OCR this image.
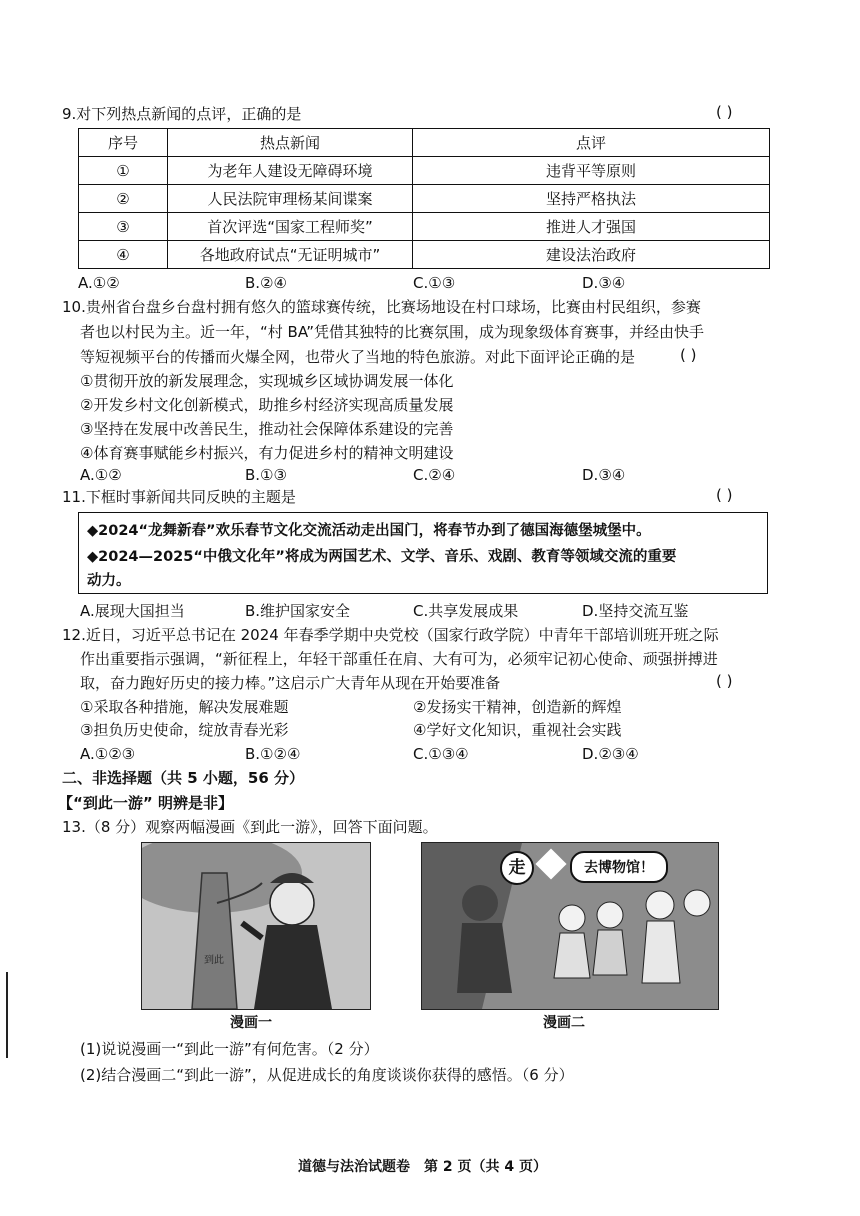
9.对下列热点新闻的点评，正确的是	( )
序号	热点新闻	点评
①	为老年人建设无障碍环境	违背平等原则
②	人民法院审理杨某间谍案	坚持严格执法
③	首次评选“国家工程师奖”	推进人才强国
④	各地政府试点“无证明城市”	建设法治政府
A.①②	B.②④	C.①③	D.③④
10.贵州省台盘乡台盘村拥有悠久的篮球赛传统，比赛场地设在村口球场，比赛由村民组织，参赛
者也以村民为主。近一年，“村 BA”凭借其独特的比赛氛围，成为现象级体育赛事，并经由快手
等短视频平台的传播而火爆全网，也带火了当地的特色旅游。对此下面评论正确的是	( )
①贯彻开放的新发展理念，实现城乡区域协调发展一体化
②开发乡村文化创新模式，助推乡村经济实现高质量发展
③坚持在发展中改善民生，推动社会保障体系建设的完善
④体育赛事赋能乡村振兴，有力促进乡村的精神文明建设
A.①②	B.①③	C.②④	D.③④
11.下框时事新闻共同反映的主题是	( )
◆2024“龙舞新春”欢乐春节文化交流活动走出国门，将春节办到了德国海德堡城堡中。
◆2024—2025“中俄文化年”将成为两国艺术、文学、音乐、戏剧、教育等领域交流的重要
动力。
A.展现大国担当	B.维护国家安全	C.共享发展成果	D.坚持交流互鉴
12.近日，习近平总书记在 2024 年春季学期中央党校（国家行政学院）中青年干部培训班开班之际
作出重要指示强调，“新征程上，年轻干部重任在肩、大有可为，必须牢记初心使命、顽强拼搏进
取，奋力跑好历史的接力棒。”这启示广大青年从现在开始要准备	( )
①采取各种措施，解决发展难题	②发扬实干精神，创造新的辉煌
③担负历史使命，绽放青春光彩	④学好文化知识，重视社会实践
A.①②③	B.①②④	C.①③④	D.②③④
二、非选择题（共 5 小题，56 分）
【“到此一游” 明辨是非】
13.（8 分）观察两幅漫画《到此一游》，回答下面问题。
到此
走	去博物馆！
漫画一	漫画二
(1)说说漫画一“到此一游”有何危害。（2 分）
(2)结合漫画二“到此一游”，从促进成长的角度谈谈你获得的感悟。（6 分）
道德与法治试题卷　第 2 页（共 4 页）
